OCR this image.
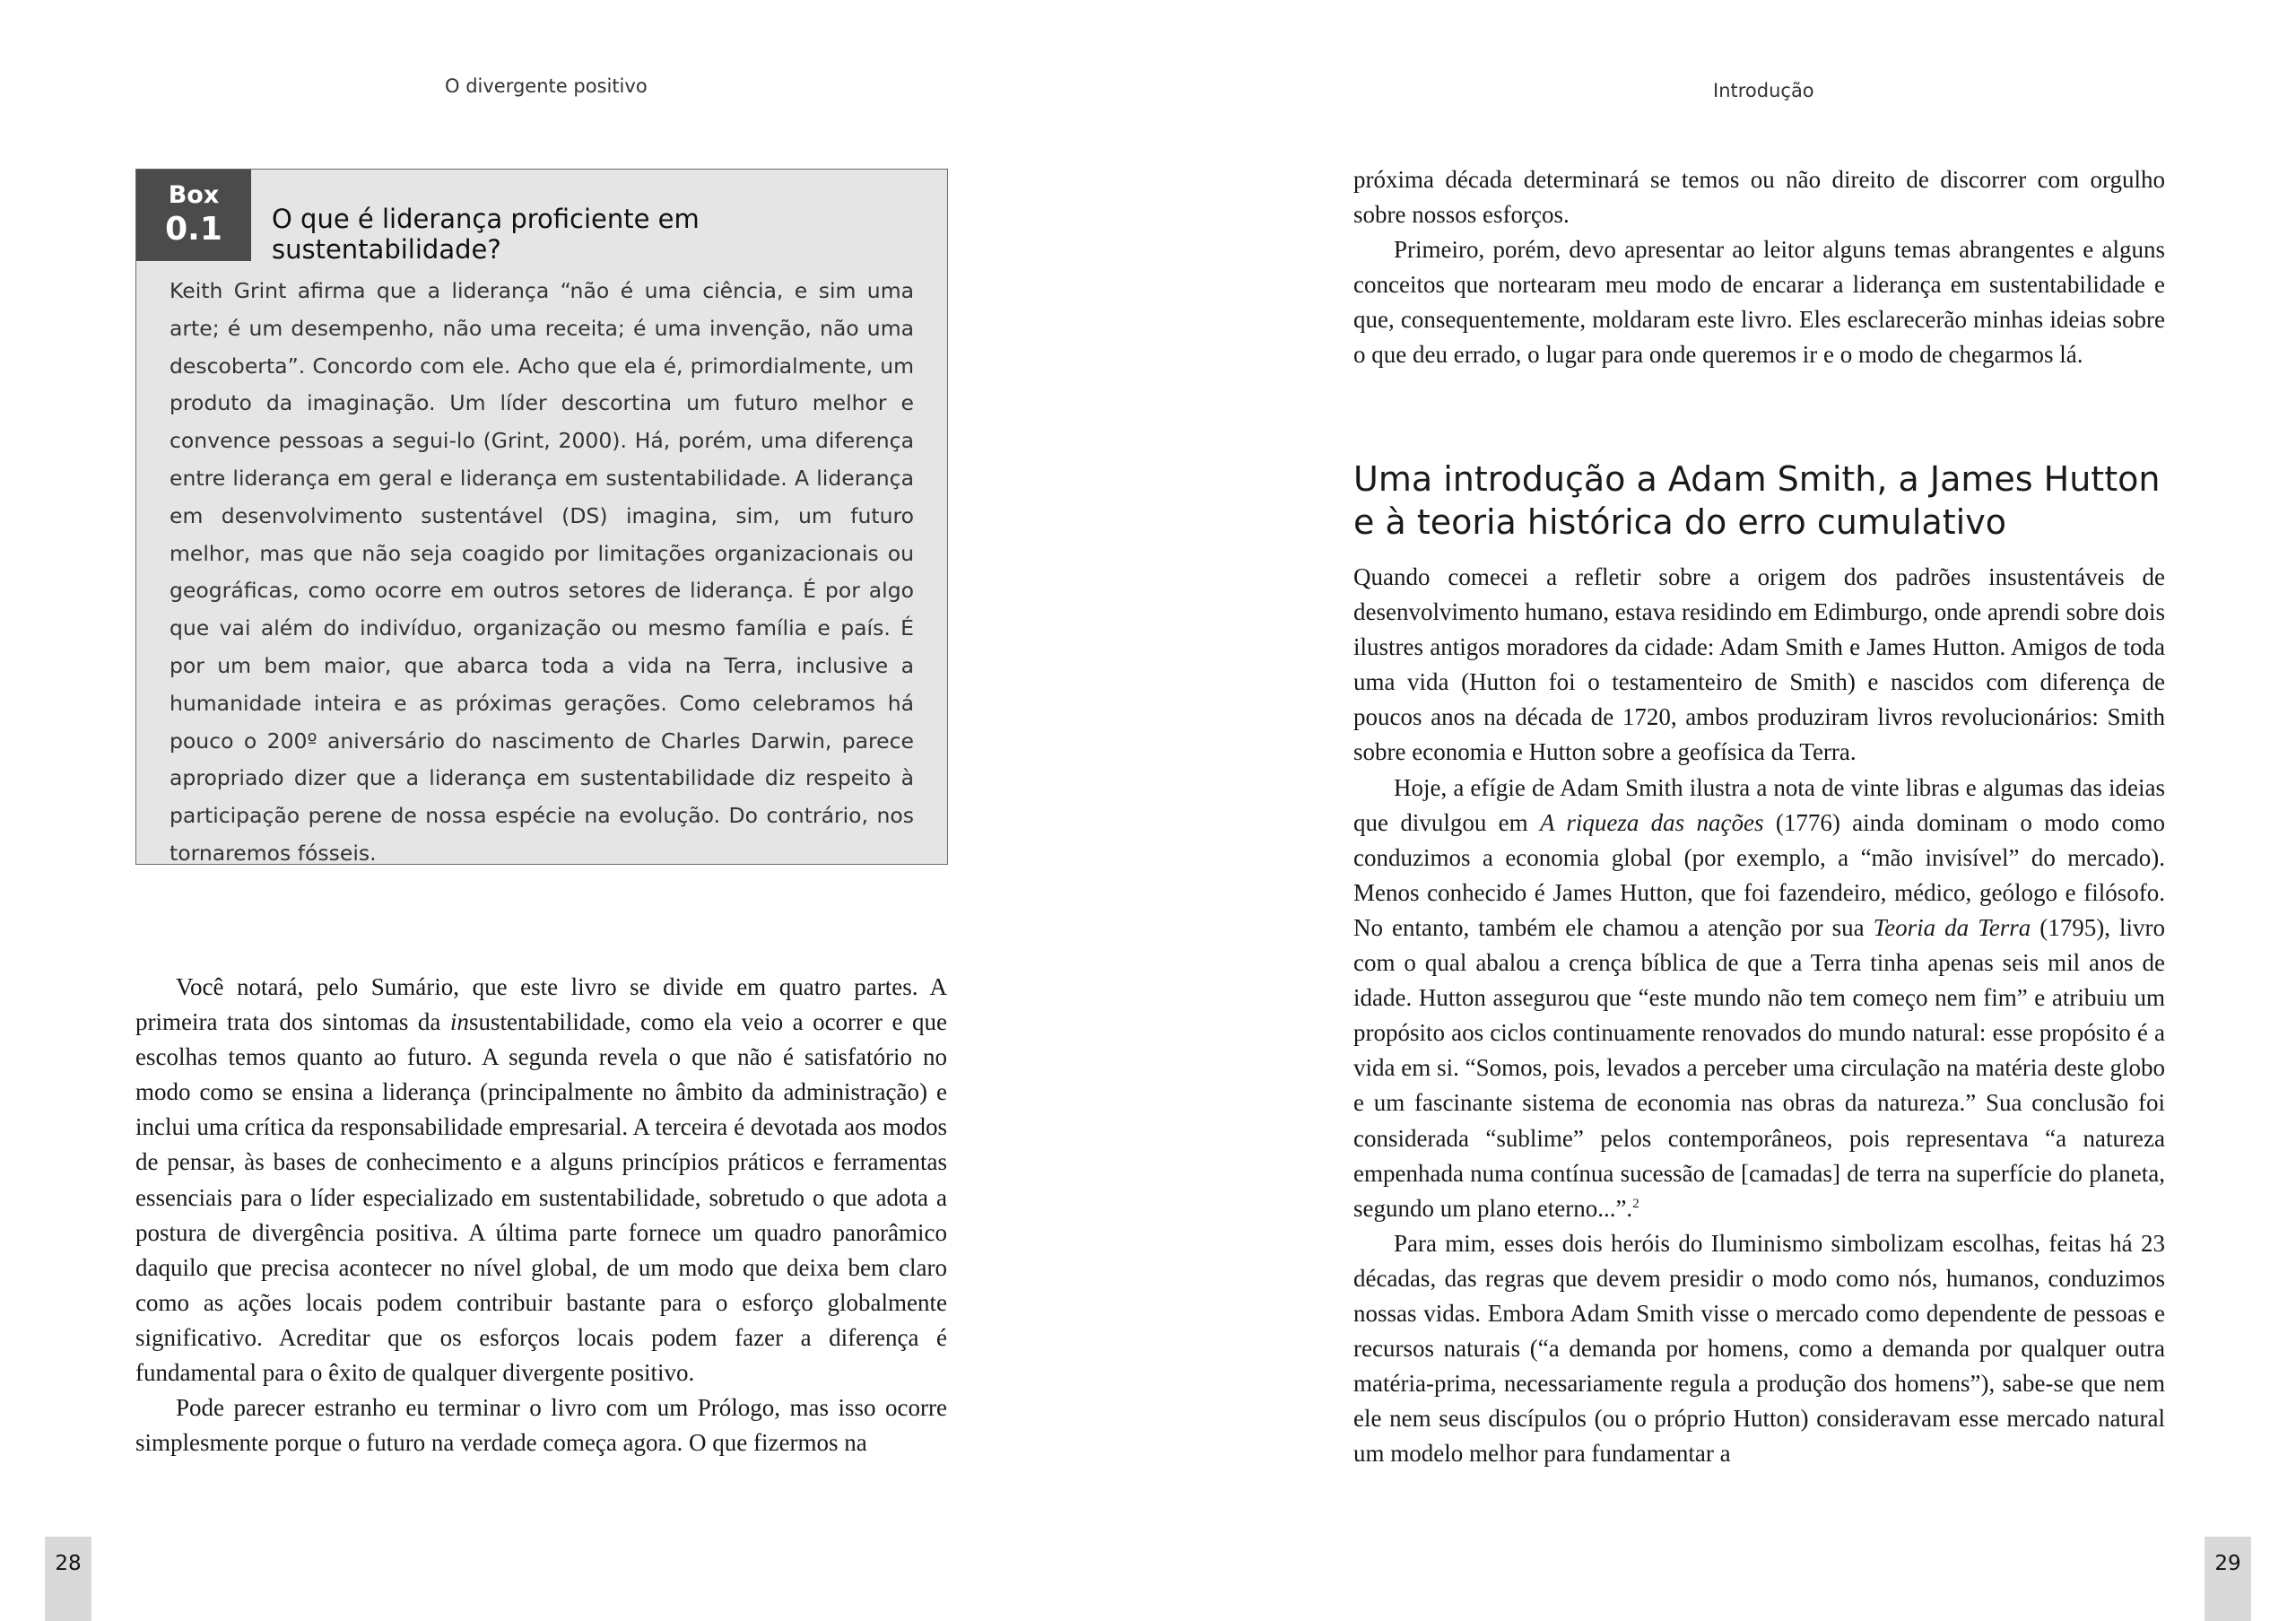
O divergente positivo
Box
0.1	O que é liderança proficiente em sustentabilidade?

Keith Grint afirma que a liderança “não é uma ciência, e sim uma arte; é um desempenho, não uma receita; é uma invenção, não uma descoberta”. Concordo com ele. Acho que ela é, primordialmente, um produto da imaginação. Um líder descortina um futuro melhor e convence pessoas a segui-lo (Grint, 2000). Há, porém, uma diferença entre liderança em geral e liderança em sustentabilidade. A liderança em desenvolvimento sustentável (DS) imagina, sim, um futuro melhor, mas que não seja coagido por limitações organizacionais ou geográficas, como ocorre em outros setores de liderança. É por algo que vai além do indivíduo, organização ou mesmo família e país. É por um bem maior, que abarca toda a vida na Terra, inclusive a humanidade inteira e as próximas gerações. Como celebramos há pouco o 200º aniversário do nascimento de Charles Darwin, parece apropriado dizer que a liderança em sustentabilidade diz respeito à participação perene de nossa espécie na evolução. Do contrário, nos tornaremos fósseis.

Você notará, pelo Sumário, que este livro se divide em quatro partes. A primeira trata dos sintomas da insustentabilidade, como ela veio a ocorrer e que escolhas temos quanto ao futuro. A segunda revela o que não é satisfatório no modo como se ensina a liderança (principalmente no âmbito da administração) e inclui uma crítica da responsabilidade empresarial. A terceira é devotada aos modos de pensar, às bases de conhecimento e a alguns princípios práticos e ferramentas essenciais para o líder especializado em sustentabilidade, sobretudo o que adota a postura de divergência positiva. A última parte fornece um quadro panorâmico daquilo que precisa acontecer no nível global, de um modo que deixa bem claro como as ações locais podem contribuir bastante para o esforço globalmente significativo. Acreditar que os esforços locais podem fazer a diferença é fundamental para o êxito de qualquer divergente positivo.

Pode parecer estranho eu terminar o livro com um Prólogo, mas isso ocorre simplesmente porque o futuro na verdade começa agora. O que fizermos na

28
Introdução

próxima década determinará se temos ou não direito de discorrer com orgulho sobre nossos esforços.

Primeiro, porém, devo apresentar ao leitor alguns temas abrangentes e alguns conceitos que nortearam meu modo de encarar a liderança em sustentabilidade e que, consequentemente, moldaram este livro. Eles esclarecerão minhas ideias sobre o que deu errado, o lugar para onde queremos ir e o modo de chegarmos lá.

Uma introdução a Adam Smith, a James Hutton e à teoria histórica do erro cumulativo

Quando comecei a refletir sobre a origem dos padrões insustentáveis de desenvolvimento humano, estava residindo em Edimburgo, onde aprendi sobre dois ilustres antigos moradores da cidade: Adam Smith e James Hutton. Amigos de toda uma vida (Hutton foi o testamenteiro de Smith) e nascidos com diferença de poucos anos na década de 1720, ambos produziram livros revolucionários: Smith sobre economia e Hutton sobre a geofísica da Terra.

Hoje, a efígie de Adam Smith ilustra a nota de vinte libras e algumas das ideias que divulgou em A riqueza das nações (1776) ainda dominam o modo como conduzimos a economia global (por exemplo, a “mão invisível” do mercado). Menos conhecido é James Hutton, que foi fazendeiro, médico, geólogo e filósofo. No entanto, também ele chamou a atenção por sua Teoria da Terra (1795), livro com o qual abalou a crença bíblica de que a Terra tinha apenas seis mil anos de idade. Hutton assegurou que “este mundo não tem começo nem fim” e atribuiu um propósito aos ciclos continuamente renovados do mundo natural: esse propósito é a vida em si. “Somos, pois, levados a perceber uma circulação na matéria deste globo e um fascinante sistema de economia nas obras da natureza.” Sua conclusão foi considerada “sublime” pelos contemporâneos, pois representava “a natureza empenhada numa contínua sucessão de [camadas] de terra na superfície do planeta, segundo um plano eterno...”.$^2$

Para mim, esses dois heróis do Iluminismo simbolizam escolhas, feitas há 23 décadas, das regras que devem presidir o modo como nós, humanos, conduzimos nossas vidas. Embora Adam Smith visse o mercado como dependente de pessoas e recursos naturais (“a demanda por homens, como a demanda por qualquer outra matéria-prima, necessariamente regula a produção dos homens”), sabe-se que nem ele nem seus discípulos (ou o próprio Hutton) consideravam esse mercado natural um modelo melhor para fundamentar a

29
